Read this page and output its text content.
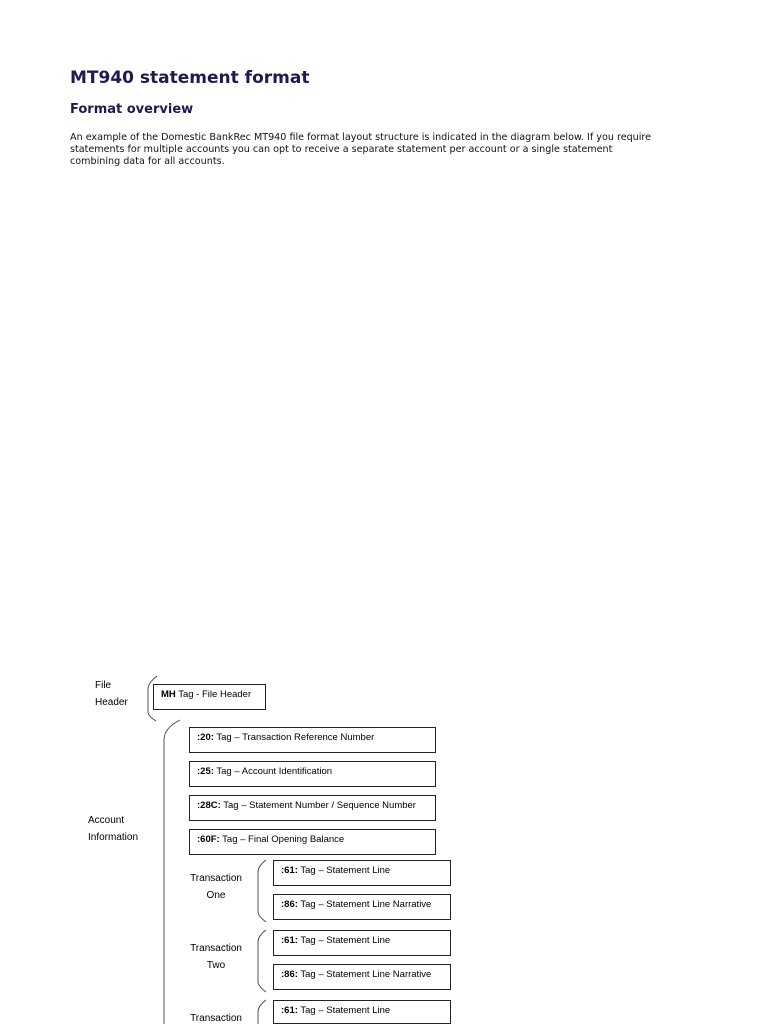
MT940 statement format
Format overview

An example of the Domestic BankRec MT940 file format layout structure is indicated in the diagram below. If you require
statements for multiple accounts you can opt to receive a separate statement per account or a single statement
combining data for all accounts.

File
Header
MH Tag - File Header
Account
Information
:20: Tag – Transaction Reference Number
:25: Tag – Account Identification
:28C: Tag – Statement Number / Sequence Number
:60F: Tag – Final Opening Balance
Transaction
One
:61: Tag – Statement Line
:86: Tag – Statement Line Narrative
Transaction
Two
:61: Tag – Statement Line
:86: Tag – Statement Line Narrative
Transaction
:61: Tag – Statement Line
